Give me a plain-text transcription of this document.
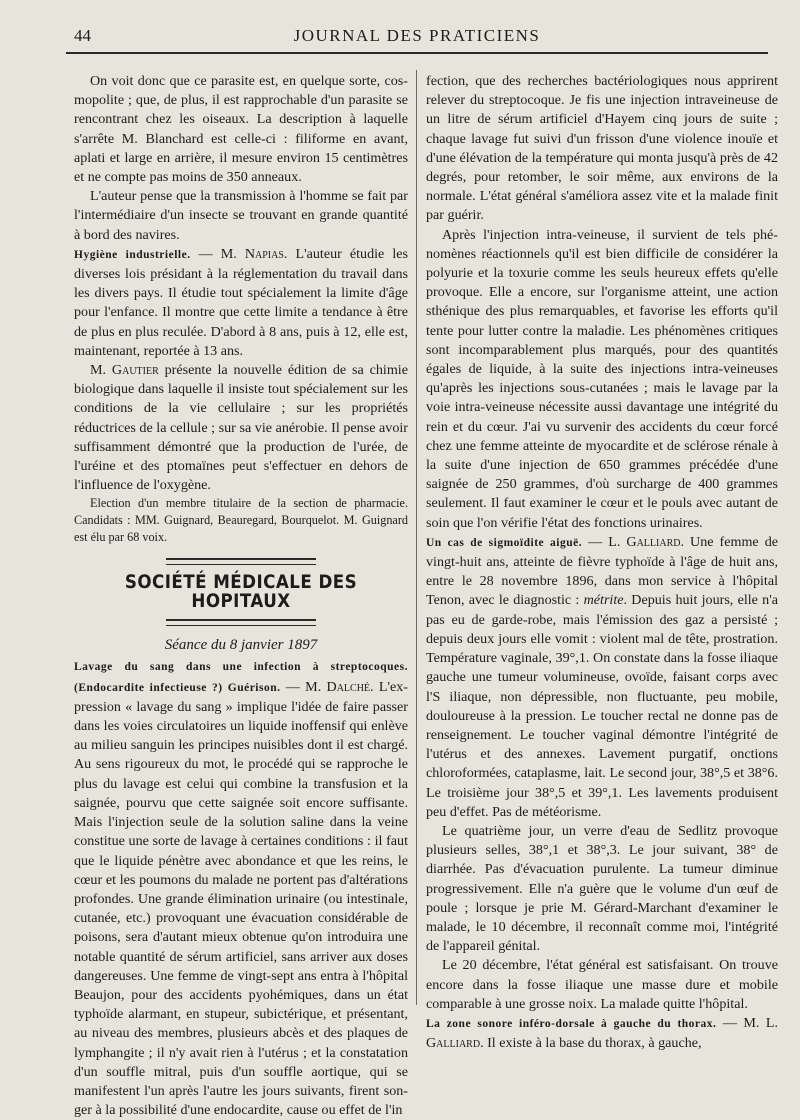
44	JOURNAL DES PRATICIENS

On voit donc que ce parasite est, en quelque sorte, cosmopolite ; que, de plus, il est rapprochable d'un parasite se rencontrant chez les oiseaux. La description à laquelle s'arrête M. Blanchard est celle-ci : filiforme en avant, aplati et large en arrière, il mesure environ 15 centimètres et ne compte pas moins de 350 anneaux.

L'auteur pense que la transmission à l'homme se fait par l'intermédiaire d'un insecte se trouvant en grande quantité à bord des navires.

Hygiène industrielle. — M. Napias. L'auteur étudie les diverses lois présidant à la réglementation du travail dans les divers pays. Il étudie tout spécialement la limite d'âge pour l'enfance. Il montre que cette limite a tendance à être de plus en plus reculée. D'abord à 8 ans, puis à 12, elle est, maintenant, reportée à 13 ans.

M. Gautier présente la nouvelle édition de sa chimie biologique dans laquelle il insiste tout spécialement sur les conditions de la vie cellulaire ; sur les propriétés réductrices de la cellule ; sur sa vie anérobie. Il pense avoir suffisamment démontré que la production de l'urée, de l'uréine et des ptomaïnes peut s'effectuer en dehors de l'influence de l'oxygène.

Election d'un membre titulaire de la section de pharmacie. Candidats : MM. Guignard, Beauregard, Bourquelot. M. Guignard est élu par 68 voix.

SOCIÉTÉ MÉDICALE DES HOPITAUX
Séance du 8 janvier 1897

Lavage du sang dans une infection à streptocoques. (Endocardite infectieuse ?) Guérison. — M. Dalché. L'expression « lavage du sang » implique l'idée de faire passer dans les voies circulatoires un liquide inoffensif qui enlève au milieu sanguin les principes nuisibles dont il est chargé. Au sens rigoureux du mot, le procédé qui se rapproche le plus du lavage est celui qui combine la transfusion et la saignée, pourvu que cette saignée soit encore suffisante. Mais l'injection seule de la solution saline dans la veine constitue une sorte de lavage à certaines conditions : il faut que le liquide pénètre avec abondance et que les reins, le cœur et les poumons du malade ne portent pas d'altérations profondes. Une grande élimination urinaire (ou intestinale, cutanée, etc.) provoquant une évacuation considérable de poisons, sera d'autant mieux obtenue qu'on introduira une notable quantité de sérum artificiel, sans arriver aux doses dangereuses. Une femme de vingt-sept ans entra à l'hôpital Beaujon, pour des accidents pyohémiques, dans un état typhoïde alarmant, en stupeur, subictérique, et présentant, au niveau des membres, plusieurs abcès et des plaques de lymphangite ; il n'y avait rien à l'utérus ; et la constatation d'un souffle mitral, puis d'un souffle aortique, qui se manifestent l'un après l'autre les jours suivants, firent songer à la possibilité d'une endocardite, cause ou effet de l'in

fection, que des recherches bactériologiques nous apprirent relever du streptocoque. Je fis une injection intraveineuse de un litre de sérum artificiel d'Hayem cinq jours de suite ; chaque lavage fut suivi d'un frisson d'une violence inouïe et d'une élévation de la température qui monta jusqu'à près de 42 degrés, pour retomber, le soir même, aux environs de la normale. L'état général s'améliora assez vite et la malade finit par guérir.

Après l'injection intra-veineuse, il survient de tels phénomènes réactionnels qu'il est bien difficile de considérer la polyurie et la toxurie comme les seuls heureux effets qu'elle provoque. Elle a encore, sur l'organisme atteint, une action sthénique des plus remarquables, et favorise les efforts qu'il tente pour lutter contre la maladie. Les phénomènes critiques sont incomparablement plus marqués, pour des quantités égales de liquide, à la suite des injections intra-veineuses qu'après les injections sous-cutanées ; mais le lavage par la voie intra-veineuse nécessite aussi davantage une intégrité du rein et du cœur. J'ai vu survenir des accidents du cœur forcé chez une femme atteinte de myocardite et de sclérose rénale à la suite d'une injection de 650 grammes précédée d'une saignée de 250 grammes, d'où surcharge de 400 grammes seulement. Il faut examiner le cœur et le pouls avec autant de soin que l'on vérifie l'état des fonctions urinaires.

Un cas de sigmoïdite aiguë. — L. Galliard. Une femme de vingt-huit ans, atteinte de fièvre typhoïde à l'âge de huit ans, entre le 28 novembre 1896, dans mon service à l'hôpital Tenon, avec le diagnostic : métrite. Depuis huit jours, elle n'a pas eu de garde-robe, mais l'émission des gaz a persisté ; depuis deux jours elle vomit : violent mal de tête, prostration. Température vaginale, 39°,1. On constate dans la fosse iliaque gauche une tumeur volumineuse, ovoïde, faisant corps avec l'S iliaque, non dépressible, non fluctuante, peu mobile, douloureuse à la pression. Le toucher rectal ne donne pas de renseignement. Le toucher vaginal démontre l'intégrité de l'utérus et des annexes. Lavement purgatif, onctions chloroformées, cataplasme, lait. Le second jour, 38°,5 et 38°6. Le troisième jour 38°,5 et 39°,1. Les lavements produisent peu d'effet. Pas de météorisme.

Le quatrième jour, un verre d'eau de Sedlitz provoque plusieurs selles, 38°,1 et 38°,3. Le jour suivant, 38° de diarrhée. Pas d'évacuation purulente. La tumeur diminue progressivement. Elle n'a guère que le volume d'un œuf de poule ; lorsque je prie M. Gérard-Marchant d'examiner le malade, le 10 décembre, il reconnaît comme moi, l'intégrité de l'appareil génital.

Le 20 décembre, l'état général est satisfaisant. On trouve encore dans la fosse iliaque une masse dure et mobile comparable à une grosse noix. La malade quitte l'hôpital.

La zone sonore inféro-dorsale à gauche du thorax. — M. L. Galliard. Il existe à la base du thorax, à gauche,
